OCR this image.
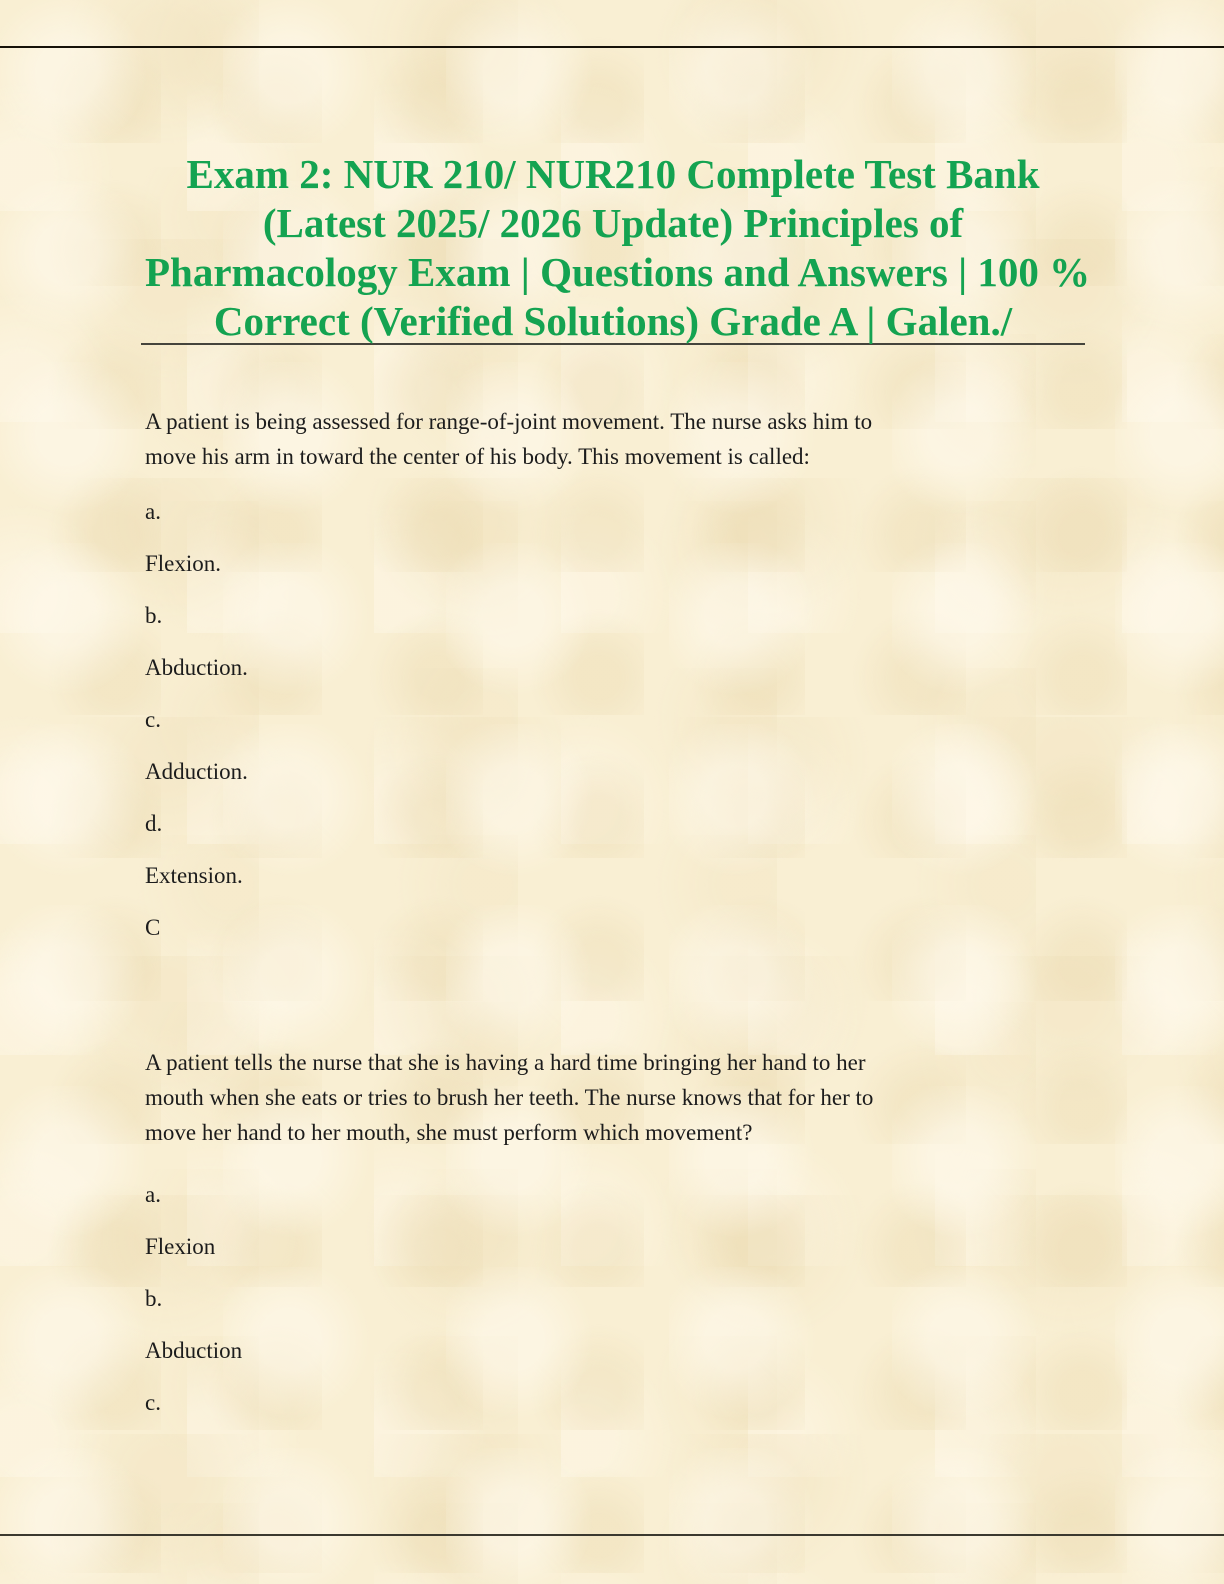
Exam 2: NUR 210/ NUR210 Complete Test Bank
(Latest 2025/ 2026 Update) Principles of
Pharmacology Exam | Questions and Answers | 100 %
Correct (Verified Solutions) Grade A | Galen./

A patient is being assessed for range-of-joint movement. The nurse asks him to
move his arm in toward the center of his body. This movement is called:

a.

Flexion.

b.

Abduction.

c.

Adduction.

d.

Extension.

C

A patient tells the nurse that she is having a hard time bringing her hand to her
mouth when she eats or tries to brush her teeth. The nurse knows that for her to
move her hand to her mouth, she must perform which movement?

a.

Flexion

b.

Abduction

c.
